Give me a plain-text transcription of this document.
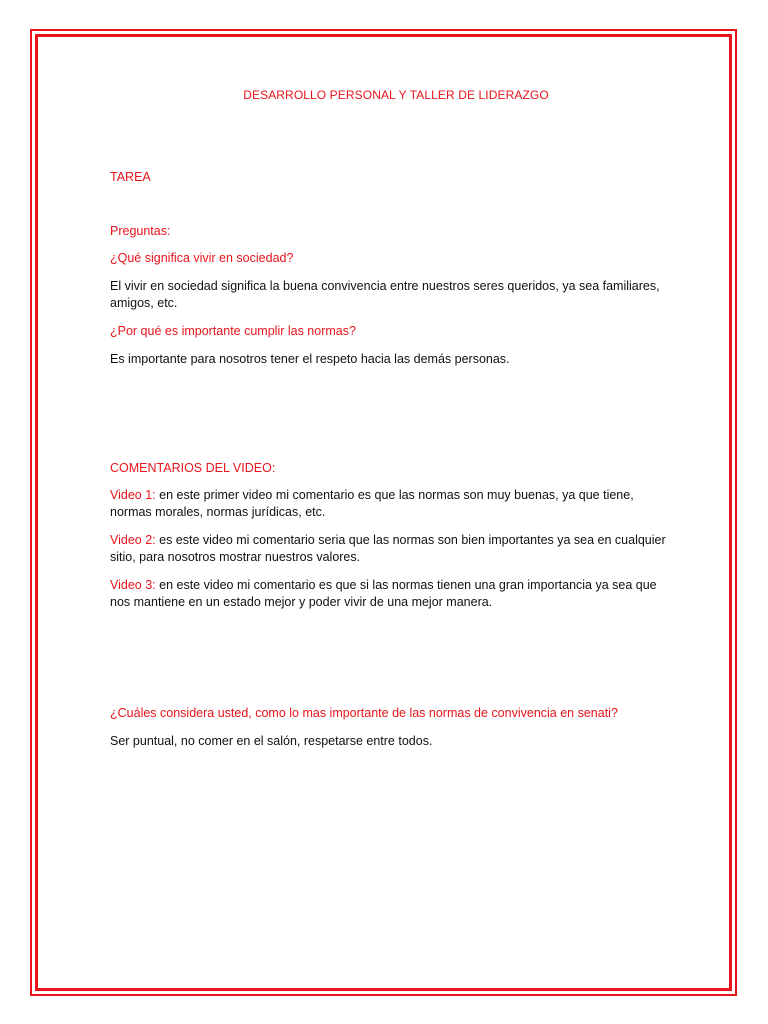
DESARROLLO PERSONAL Y TALLER DE LIDERAZGO
TAREA
Preguntas:
¿Qué significa vivir en sociedad?
El vivir en sociedad significa la buena convivencia entre nuestros seres queridos, ya sea familiares, amigos, etc.
¿Por qué es importante cumplir las normas?
Es importante para nosotros tener el respeto hacia las demás personas.
COMENTARIOS DEL VIDEO:
Video 1: en este primer video mi comentario es que las normas son muy buenas, ya que tiene, normas morales, normas jurídicas, etc.
Video 2: es este video mi comentario seria que las normas son bien importantes ya sea en cualquier sitio, para nosotros mostrar nuestros valores.
Video 3: en este video mi comentario es que si las normas tienen una gran importancia ya sea que nos mantiene en un estado mejor y poder vivir de una mejor manera.
¿Cuáles considera usted, como lo mas importante de las normas de convivencia en senati?
Ser puntual, no comer en el salón, respetarse entre todos.
